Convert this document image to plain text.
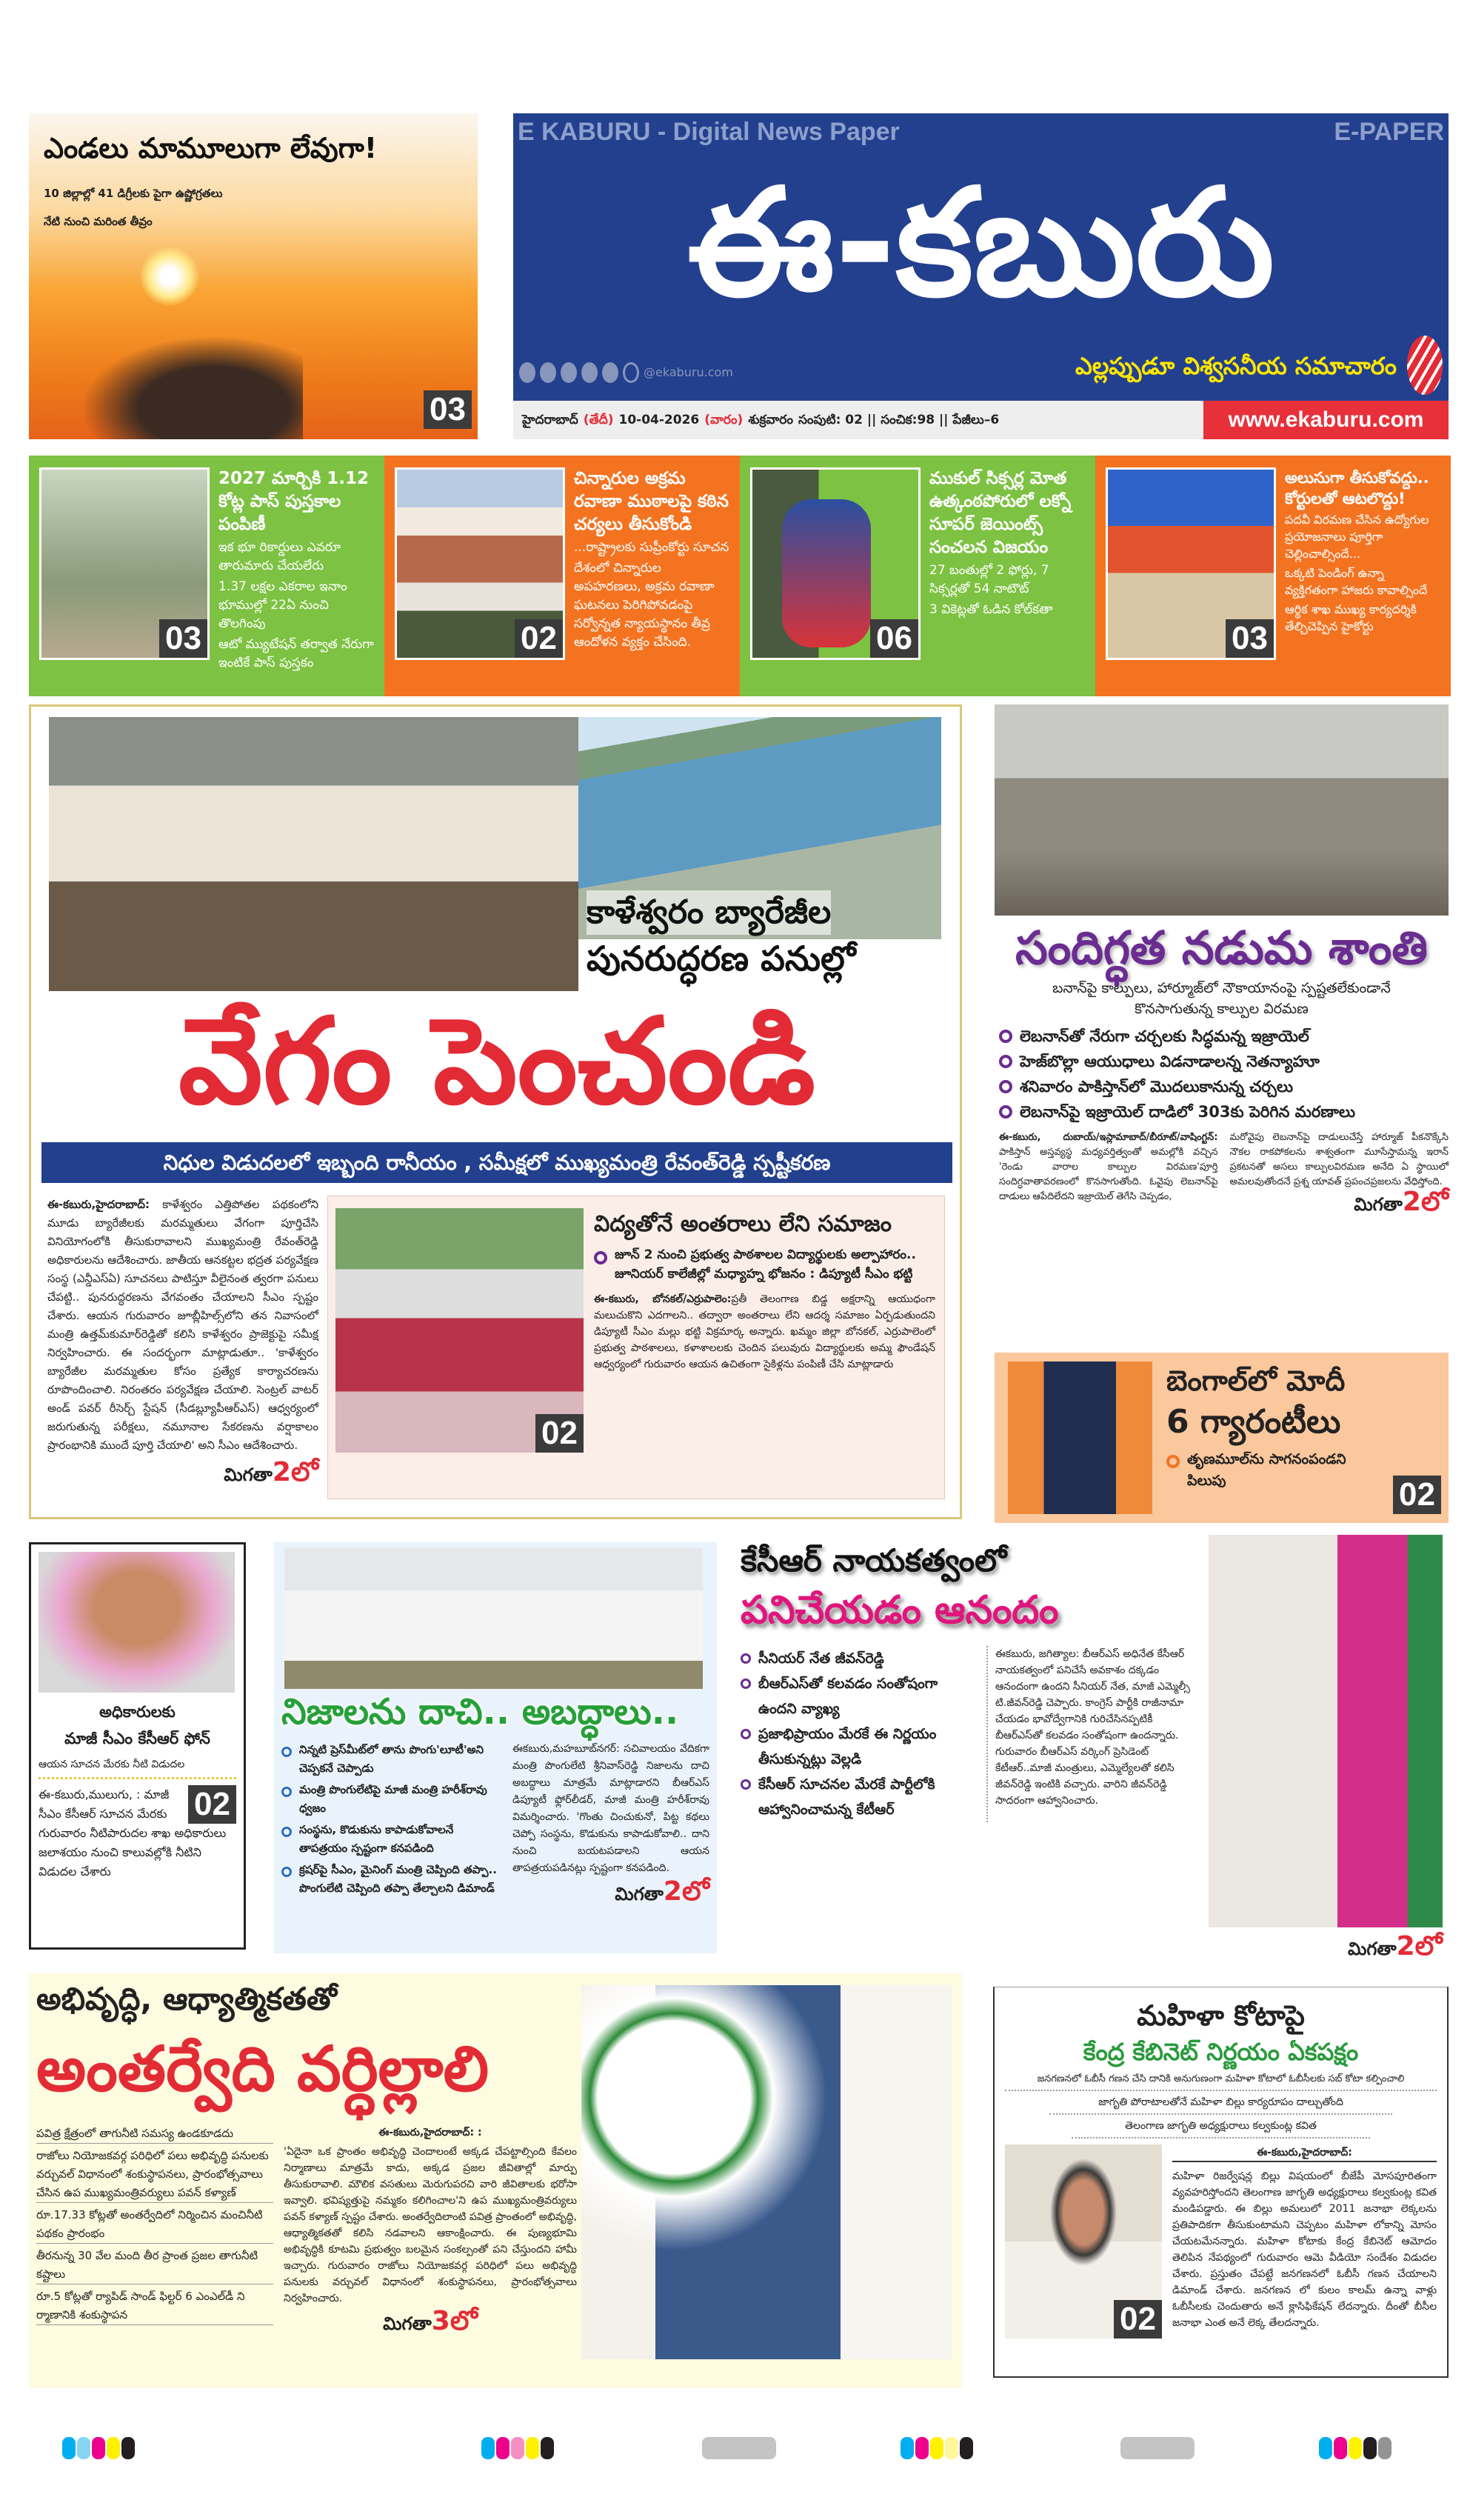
ఎండలు మామూలుగా లేవుగా!
10 జిల్లాల్లో 41 డిగ్రీలకు పైగా ఉష్ణోగ్రతలు
నేటి నుంచి మరింత తీవ్రం
03
E KABURU - Digital News Paper	E-PAPER
ఈ-కబురు
@ekaburu.com	ఎల్లప్పుడూ విశ్వసనీయ సమాచారం
హైదరాబాద్ (తేదీ) 10-04-2026 (వారం) శుక్రవారం సంపుటి: 02 || సంచిక:98 || పేజీలు–6	www.ekaburu.com
03
2027 మార్చికి 1.12 కోట్ల పాస్ పుస్తకాల పంపిణీ
ఇక భూ రికార్డులు ఎవరూ తారుమారు చేయలేరు
1.37 లక్షల ఎకరాల ఇనాం భూముల్లో 22ఏ నుంచి తొలగింపు
ఆటో మ్యుటేషన్ తర్వాత నేరుగా ఇంటికే పాస్ పుస్తకం
02
చిన్నారుల అక్రమ రవాణా ముఠాలపై కఠిన చర్యలు తీసుకోండి
...రాష్ట్రాలకు సుప్రీంకోర్టు సూచన
దేశంలో చిన్నారుల అపహరణలు, అక్రమ రవాణా ఘటనలు పెరిగిపోవడంపై సర్వోన్నత న్యాయస్థానం తీవ్ర ఆందోళన వ్యక్తం చేసింది.	06
ముకుల్ సిక్సర్ల మోత ఉత్కంఠపోరులో లక్నో సూపర్ జెయింట్స్ సంచలన విజయం
27 బంతుల్లో 2 ఫోర్లు, 7 సిక్సర్లతో 54 నాటౌట్
3 వికెట్లతో ఓడిన కోల్‌కతా
03
అలుసుగా తీసుకోవద్దు.. కోర్టులతో ఆటలొద్దు!
పదవీ విరమణ చేసిన ఉద్యోగుల ప్రయోజనాలు పూర్తిగా చెల్లించాల్సిందే...
ఒక్కటి పెండింగ్ ఉన్నా వ్యక్తిగతంగా హాజరు కావాల్సిందే
ఆర్థిక శాఖ ముఖ్య కార్యదర్శికి తేల్చిచెప్పిన హైకోర్టు
కాళేశ్వరం బ్యారేజీల
పునరుద్ధరణ పనుల్లో
వేగం పెంచండి
నిధుల విడుదలలో ఇబ్బంది రానీయం , సమీక్షలో ముఖ్యమంత్రి రేవంత్‌రెడ్డి స్పష్టీకరణ
ఈ-కబురు,హైదరాబాద్: కాళేశ్వరం ఎత్తిపోతల పథకంలోని మూడు బ్యారేజీలకు మరమ్మతులు వేగంగా పూర్తిచేసి వినియోగంలోకి తీసుకురావాలని ముఖ్యమంత్రి రేవంత్‌రెడ్డి అధికారులను ఆదేశించారు. జాతీయ ఆనకట్టల భద్రత పర్యవేక్షణ సంస్థ (ఎన్డీఎస్ఏ) సూచనలు పాటిస్తూ వీలైనంత త్వరగా పనులు చేపట్టి.. పునరుద్ధరణను వేగవంతం చేయాలని సీఎం స్పష్టం చేశారు. ఆయన గురువారం జూబ్లీహిల్స్‌లోని తన నివాసంలో మంత్రి ఉత్తమ్‌కుమార్‌రెడ్డితో కలిసి కాళేశ్వరం ప్రాజెక్టుపై సమీక్ష నిర్వహించారు. ఈ సందర్భంగా మాట్లాడుతూ.. 'కాళేశ్వరం బ్యారేజీల మరమ్మతుల కోసం ప్రత్యేక కార్యాచరణను రూపొందించాలి. నిరంతరం పర్యవేక్షణ చేయాలి. సెంట్రల్ వాటర్ అండ్ పవర్ రీసెర్చ్ స్టేషన్ (సీడబ్ల్యూపీఆర్ఎస్) ఆధ్వర్యంలో జరుగుతున్న పరీక్షలు, నమూనాల సేకరణను వర్షాకాలం ప్రారంభానికి ముందే పూర్తి చేయాలి' అని సీఎం ఆదేశించారు.
మిగతా2లో
02
విద్యతోనే అంతరాలు లేని సమాజం
జూన్ 2 నుంచి ప్రభుత్వ పాఠశాలల విద్యార్థులకు అల్పాహారం.. జూనియర్ కాలేజీల్లో మధ్యాహ్న భోజనం : డిప్యూటీ సీఎం భట్టి
ఈ-కబురు, బోనకల్/ఎర్రుపాలెం:ప్రతీ తెలంగాణ బిడ్డ అక్షరాన్ని ఆయుధంగా మలుచుకొని ఎదగాలని.. తద్వారా అంతరాలు లేని ఆదర్శ సమాజం ఏర్పడుతుందని డిప్యూటీ సీఎం మల్లు భట్టి విక్రమార్క అన్నారు. ఖమ్మం జిల్లా బోనకల్, ఎర్రుపాలెంలో ప్రభుత్వ పాఠశాలలు, కళాశాలలకు చెందిన పలువురు విద్యార్థులకు అమ్మ ఫౌండేషన్ ఆధ్వర్యంలో గురువారం ఆయన ఉచితంగా సైకిళ్లను పంపిణీ చేసి మాట్లాడారు
సందిగ్ధత నడుమ శాంతి
బనాన్‌పై కాల్పులు, హార్మూజ్‌లో నౌకాయానంపై స్పష్టతలేకుండానే
కొనసాగుతున్న కాల్పుల విరమణ
లెబనాన్‌తో నేరుగా చర్చలకు సిద్ధమన్న ఇజ్రాయెల్
హెజ్‌బొల్లా ఆయుధాలు విడనాడాలన్న నెతన్యాహూ
శనివారం పాకిస్తాన్‌లో మొదలుకానున్న చర్చలు
లెబనాన్‌పై ఇజ్రాయెల్ దాడిలో 303కు పెరిగిన మరణాలు
ఈ-కబురు, దుబాయ్/ఇస్లామాబాద్/బీరూట్/వాషింగ్టన్: పాకిస్తాన్ అస్తవ్యస్థ మధ్యవర్తిత్వంతో అమల్లోకి వచ్చిన 'రెండు వారాల కాల్పుల విరమణ'పూర్తి సందిగ్ధవాతావరణంలో కొనసాగుతోంది. ఓవైపు లెబనాన్‌పై దాడులు ఆపేదిలేదని ఇజ్రాయెల్ తెగేసి చెప్పడం,
మరోవైపు లెబనాన్‌పై దాడులుచేస్తే హార్మూజ్ పీకనొక్కేసి నౌకల రాకపోకలను శాశ్వతంగా మూసేస్తామన్న ఇరాన్ ప్రకటనతో అసలు కాల్పులవిరమణ అనేది ఏ స్థాయిలో అమలవుతోందనే ప్రశ్న యావత్ ప్రపంచప్రజలను వేధిస్తోంది.
మిగతా2లో
బెంగాల్‌లో మోదీ
6 గ్యారంటీలు
తృణమూల్‌ను సాగనంపండని పిలుపు	02
అధికారులకు
మాజీ సీఎం కేసీఆర్ ఫోన్
ఆయన సూచన మేరకు నీటి విడుదల
02
ఈ-కబురు,ములుగు, : మాజీ సీఎం కేసీఆర్ సూచన మేరకు గురువారం నీటిపారుదల శాఖ అధికారులు జలాశయం నుంచి కాలువల్లోకి నీటిని విడుదల చేశారు
నిజాలను దాచి.. అబద్ధాలు..
నిన్నటి ప్రెస్‌మీట్‌లో తాను పొంగు'లూటీ'అని చెప్పకనే చెప్పాడు
మంత్రి పొంగులేటిపై మాజీ మంత్రి హరీశ్‌రావు ధ్వజం
సంస్థను, కొడుకును కాపాడుకోవాలనే తాపత్రయం స్పష్టంగా కనపడింది
క్రషర్‌పై సీఎం, మైనింగ్ మంత్రి చెప్పింది తప్పా.. పొంగులేటి చెప్పింది తప్పా తేల్చాలని డిమాండ్
ఈకబురు,మహబూబ్‌నగర్: సచివాలయం వేదికగా మంత్రి పొంగులేటి శ్రీనివాస్‌రెడ్డి నిజాలను దాచి అబద్ధాలు మాత్రమే మాట్లాడారని బీఆర్ఎస్ డిప్యూటీ ఫ్లోర్‌లీడర్, మాజీ మంత్రి హరీశ్‌రావు విమర్శించారు. 'గొంతు చించుకునో, పిట్ట కథలు చెప్పో సంస్థను, కొడుకును కాపాడుకోవాలి.. దాని నుంచి బయటపడాలని ఆయన తాపత్రయపడినట్లు స్పష్టంగా కనపడింది.
మిగతా2లో
కేసీఆర్ నాయకత్వంలో
పనిచేయడం ఆనందం
సీనియర్ నేత జీవన్‌రెడ్డి
బీఆర్ఎస్‌తో కలవడం సంతోషంగా ఉందని వ్యాఖ్య
ప్రజాభిప్రాయం మేరకే ఈ నిర్ణయం తీసుకున్నట్లు వెల్లడి
కేసీఆర్ సూచనల మేరకే పార్టీలోకి ఆహ్వానించామన్న కేటీఆర్
ఈకబురు, జగిత్యాల: బీఆర్ఎస్ అధినేత కేసీఆర్ నాయకత్వంలో పనిచేసే అవకాశం దక్కడం ఆనందంగా ఉందని సీనియర్ నేత, మాజీ ఎమ్మెల్సీ టి.జీవన్‌రెడ్డి చెప్పారు. కాంగ్రెస్ పార్టీకి రాజీనామా చేయడం భావోద్వేగానికి గురిచేసినప్పటికీ బీఆర్ఎస్‌తో కలవడం సంతోషంగా ఉందన్నారు. గురువారం బీఆర్ఎస్ వర్కింగ్ ప్రెసిడెంట్ కేటీఆర్..మాజీ మంత్రులు, ఎమ్మెల్యేలతో కలిసి జీవన్‌రెడ్డి ఇంటికి వచ్చారు. వారిని జీవన్‌రెడ్డి సాదరంగా ఆహ్వానించారు.
మిగతా2లో
అభివృద్ధి, ఆధ్యాత్మికతతో
అంతర్వేది వర్ధిల్లాలి
పవిత్ర క్షేత్రంలో తాగునీటి సమస్య ఉండకూడదు
రాజోలు నియోజకవర్గ పరిధిలో పలు అభివృద్ధి పనులకు వర్చువల్ విధానంలో శంకుస్థాపనలు, ప్రారంభోత్సవాలు చేసిన ఉప ముఖ్యమంత్రివర్యులు పవన్ కళ్యాణ్
రూ.17.33 కోట్లతో అంతర్వేదిలో నిర్మించిన మంచినీటి పథకం ప్రారంభం
తీరనున్న 30 వేల మంది తీర ప్రాంత ప్రజల తాగునీటి కష్టాలు
రూ.5 కోట్లతో ర్యాపిడ్ సాండ్ ఫిల్టర్ 6 ఎంఎల్‌డీ ని ర్మాణానికి శంకుస్థాపన
ఈ-కబురు,హైదరాబాద్: :
'ఏదైనా ఒక ప్రాంతం అభివృద్ధి చెందాలంటే అక్కడ చేపట్టాల్సింది కేవలం నిర్మాణాలు మాత్రమే కాదు, అక్కడ ప్రజల జీవితాల్లో మార్పు తీసుకురావాలి. మౌలిక వసతులు మెరుగుపరచి వారి జీవితాలకు భరోసా ఇవ్వాలి. భవిష్యత్తుపై నమ్మకం కలిగించాల'ని ఉప ముఖ్యమంత్రివర్యులు పవన్ కళ్యాణ్ స్పష్టం చేశారు. అంతర్వేదిలాంటి పవిత్ర ప్రాంతంలో అభివృద్ధి, ఆధ్యాత్మికతతో కలిసి నడవాలని ఆకాంక్షించారు. ఈ పుణ్యభూమి అభివృద్ధికి కూటమి ప్రభుత్వం బలమైన సంకల్పంతో పని చేస్తుందని హామీ ఇచ్చారు. గురువారం రాజోలు నియోజకవర్గ పరిధిలో పలు అభివృద్ధి పనులకు వర్చువల్ విధానంలో శంకుస్థాపనలు, ప్రారంభోత్సవాలు నిర్వహించారు.
మిగతా3లో
మహిళా కోటాపై
కేంద్ర కేబినెట్ నిర్ణయం ఏకపక్షం
జనగణనలో ఓబీసీ గణన చేసి దానికి అనుగుణంగా మహిళా కోటాలో ఓబీసీలకు సబ్ కోటా కల్పించాలి
జాగృతి పోరాటాలతోనే మహిళా బిల్లు కార్యరూపం దాల్చుతోంది
తెలంగాణ జాగృతి అధ్యక్షురాలు కల్వకుంట్ల కవిత
02
ఈ-కబురు,హైదరాబాద్:
మహిళా రిజర్వేషన్ల బిల్లు విషయంలో బీజేపీ మోసపూరితంగా వ్యవహరిస్తోందని తెలంగాణ జాగృతి అధ్యక్షురాలు కల్వకుంట్ల కవిత మండిపడ్డారు. ఈ బిల్లు అమలులో 2011 జనాభా లెక్కలను ప్రతిపాదికగా తీసుకుంటామని చెప్పటం మహిళా లోకాన్ని మోసం చేయటమేనన్నారు. మహిళా కోటాకు కేంద్ర కేబినెట్ ఆమోదం తెలిపిన నేపథ్యంలో గురువారం ఆమె వీడియో సందేశం విడుదల చేశారు. ప్రస్తుతం చేపట్టే జనగణనలో ఓబీసీ గణన చేయాలని డిమాండ్ చేశారు. జనగణన లో కులం కాలమ్ ఉన్నా వాళ్లు ఓబీసీలకు చెందుతారు అనే క్లాసిఫికేషన్ లేదన్నారు. దీంతో బీసీల జనాభా ఎంత అనే లెక్క తేలదన్నారు.
